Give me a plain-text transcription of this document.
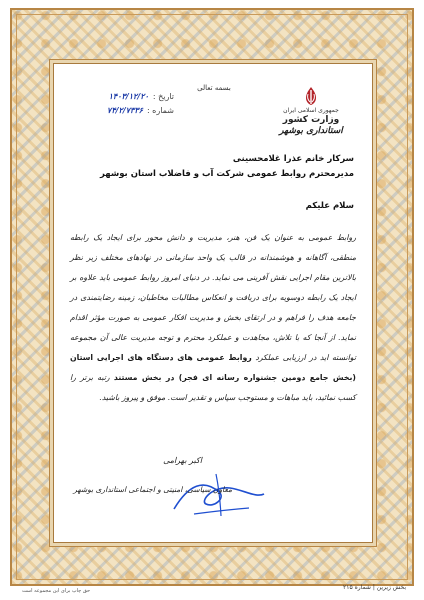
جمهوری اسلامی ایران
وزارت کشور
استانداری بوشهر
بسمه تعالی
تاریخ :
۱۴۰۳/۱۲/۲۰
شماره :
۷۴/۲/۷۳۳۶
سرکار خانم عذرا غلامحسینی
مدیرمحترم روابط عمومی شرکت آب و فاضلاب استان بوشهر
سلام علیکم
روابط عمومی به عنوان یک فن، هنر، مدیریت و دانش محور برای ایجاد یک رابطه منطقی، آگاهانه و هوشمندانه در قالب یک واحد سازمانی در نهادهای مختلف زیر نظر بالاترین مقام اجرایی نقش آفرینی می نماید. در دنیای امروز روابط عمومی باید علاوه بر ایجاد یک رابطه دوسویه برای دریافت و انعکاس مطالبات مخاطبان، زمینه رضایتمندی در جامعه هدف را فراهم و در ارتقای بخش و مدیریت افکار عمومی به صورت مؤثر اقدام نماید. از آنجا که با تلاش، مجاهدت و عملکرد محترم و توجه مدیریت عالی آن مجموعه توانسته اید در ارزیابی عملکرد روابط عمومی های دستگاه های اجرایی استان (بخش جامع دومین جشنواره رسانه ای فجر) در بخش مستند رتبه برتر را کسب نمائید، باید مباهات و مستوجب سپاس و تقدیر است. موفق و پیروز باشید.
اکبر بهرامی
معاون سیاسی، امنیتی و اجتماعی استانداری بوشهر
بخش زیرین | شماره ۲۱۵
حق چاپ برای این مجموعه است
